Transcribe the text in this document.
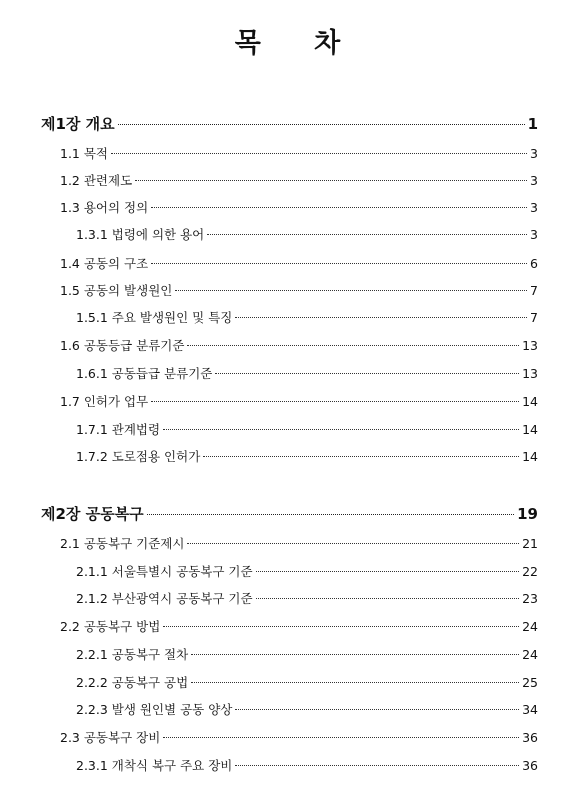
목 차
제1장 개요	1
1.1 목적	3
1.2 관련제도	3
1.3 용어의 정의	3
1.3.1 법령에 의한 용어	3
1.4 공동의 구조	6
1.5 공동의 발생원인	7
1.5.1 주요 발생원인 및 특징	7
1.6 공동등급 분류기준	13
1.6.1 공동듭급 분류기준	13
1.7 인허가 업무	14
1.7.1 관계법령	14
1.7.2 도로점용 인허가	14
제2장 공동복구	19
2.1 공동복구 기준제시	21
2.1.1 서울특별시 공동복구 기준	22
2.1.2 부산광역시 공동복구 기준	23
2.2 공동복구 방법	24
2.2.1 공동복구 절차	24
2.2.2 공동복구 공법	25
2.2.3 발생 원인별 공동 양상	34
2.3 공동복구 장비	36
2.3.1 개착식 복구 주요 장비	36
